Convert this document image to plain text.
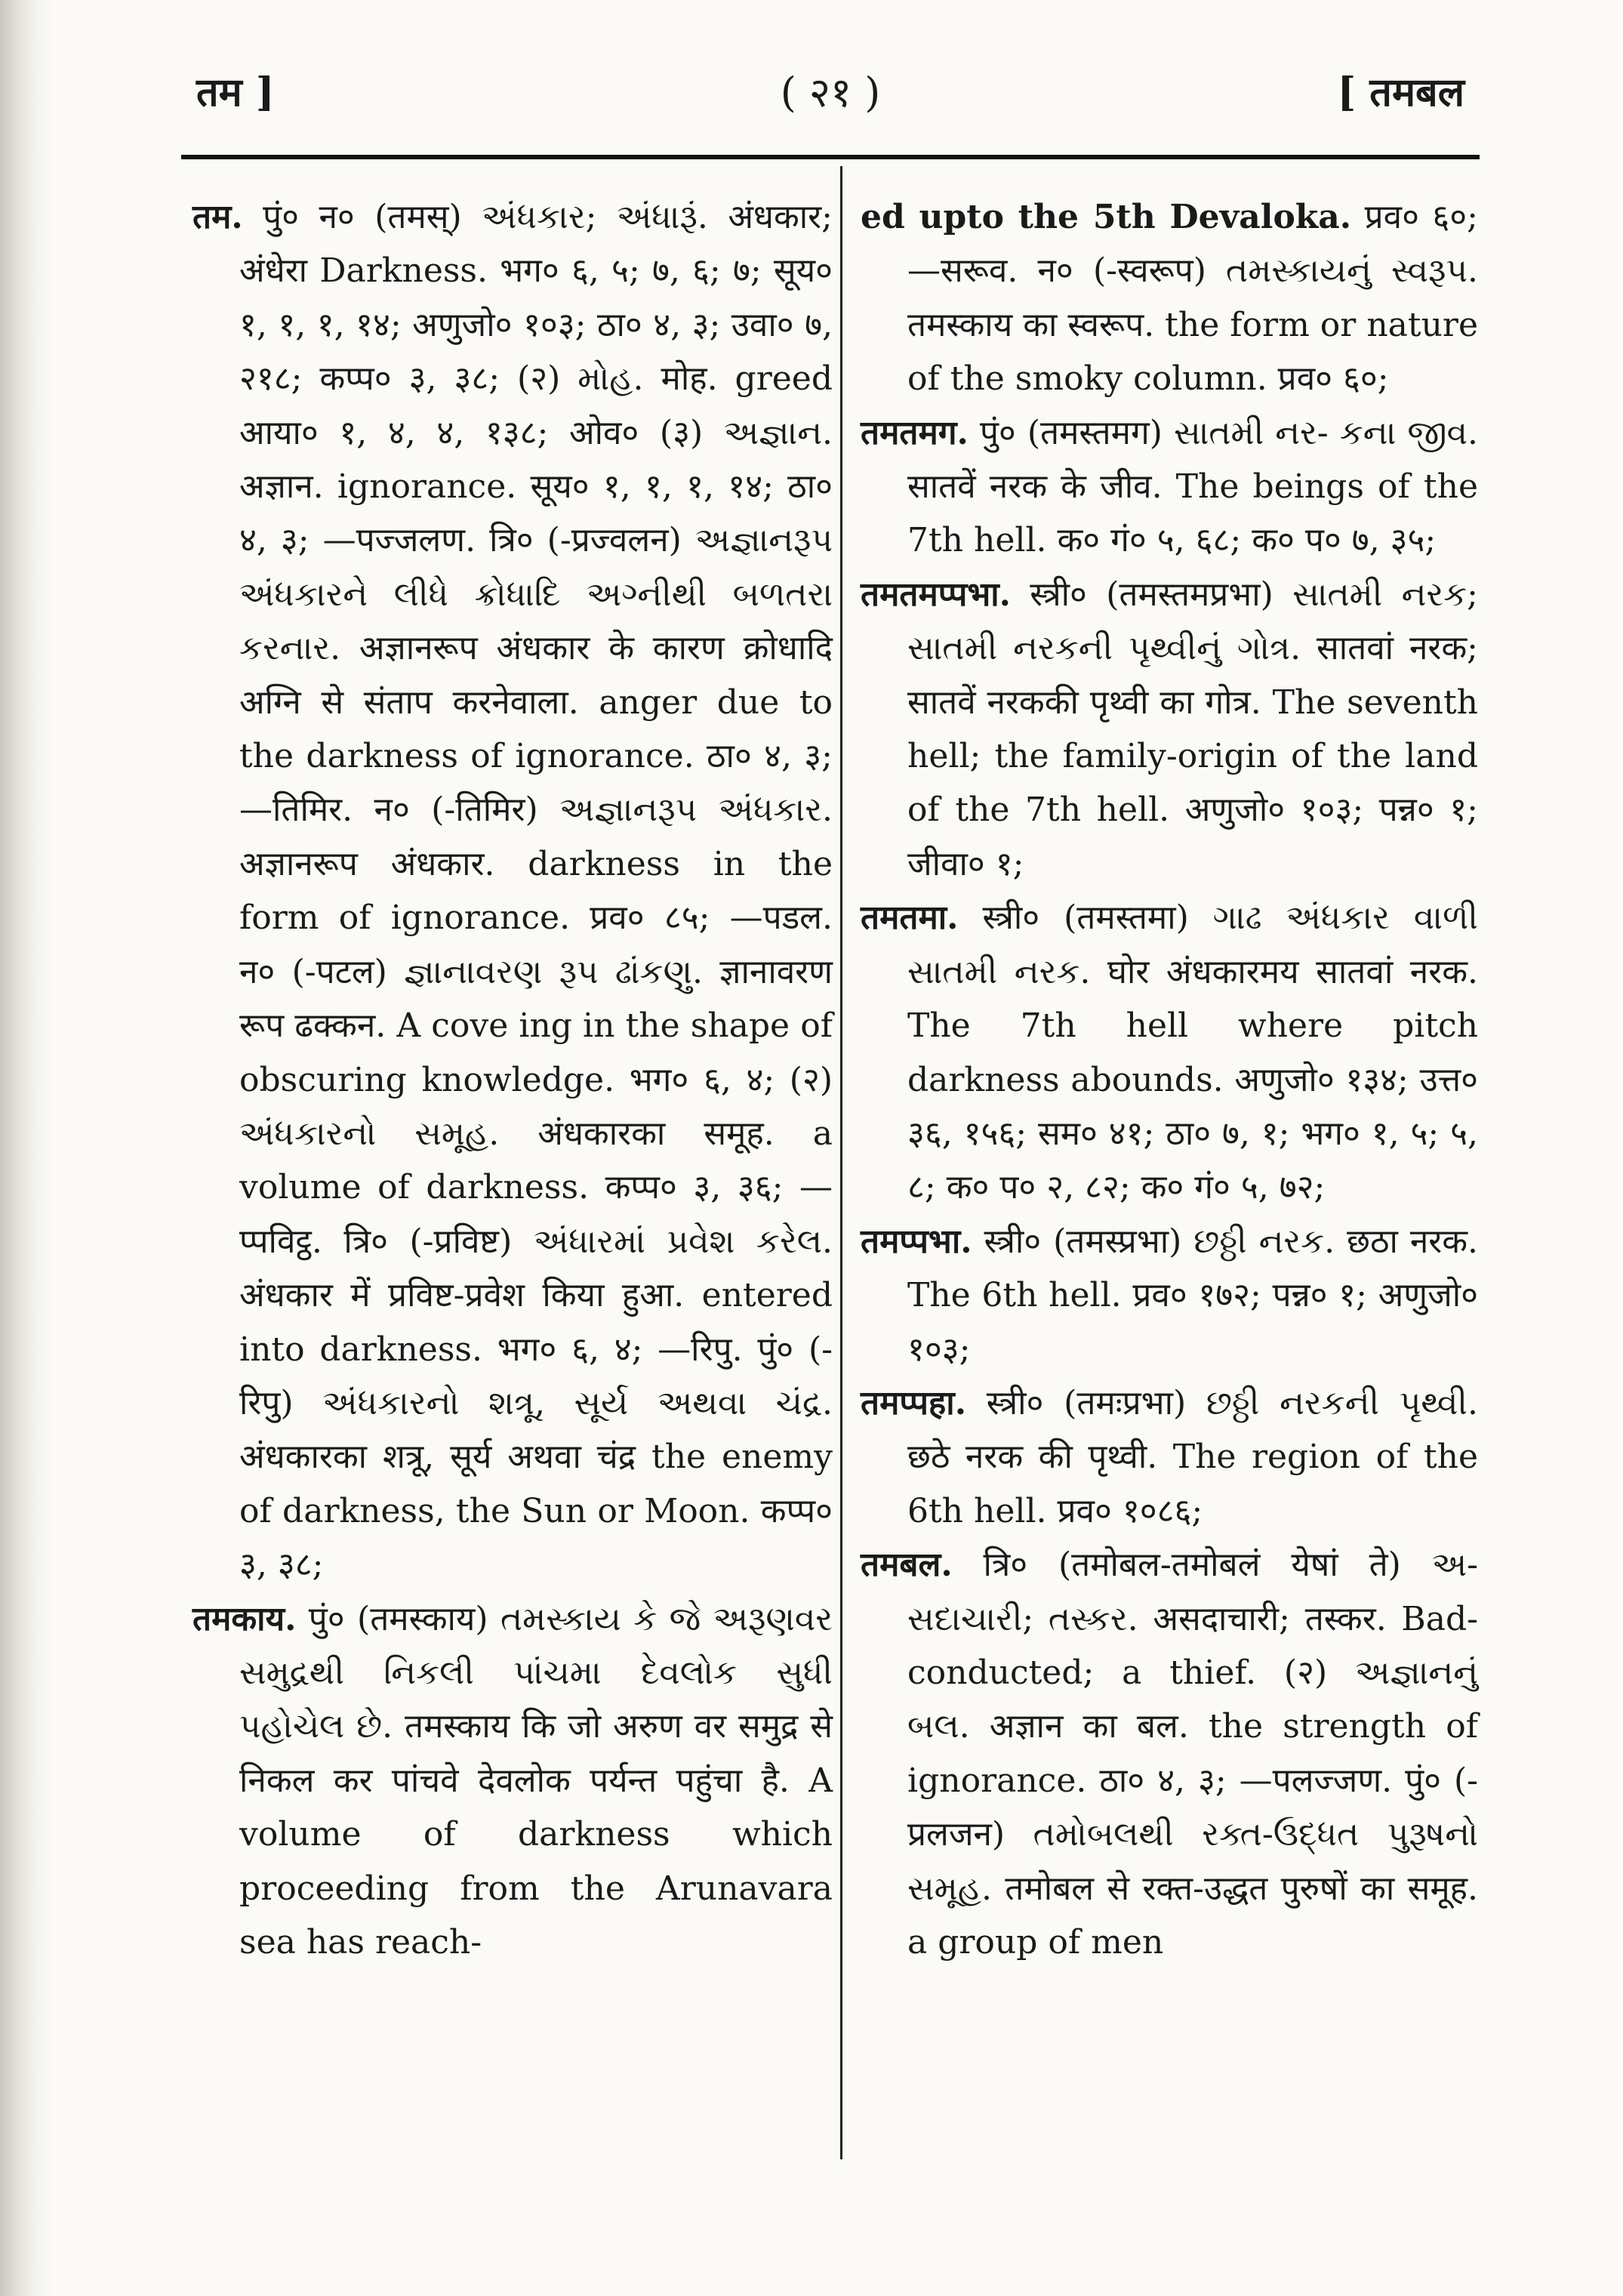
तम ]	( २१ )	[ तमबल

तम. पुं० न० (तमस्) અંધકાર; અંધારૂં. अंधकार; अंधेरा Darkness. भग० ६, ५; ७, ६; ७; सूय० १, १, १, १४; अणुजो० १०३; ठा० ४, ३; उवा० ७, २१८; कप्प० ३, ३८; (२) મોહ. मोह. greed आया० १, ४, ४, १३८; ओव० (३) અજ્ઞાન. अज्ञान. ignorance. सूय० १, १, १, १४; ठा० ४, ३; —पज्जलण. त्रि० (-प्रज्वलन) અજ્ઞાનરૂપ અંધકારને લીધે ક્રોધાદિ અગ્નીથી બળતરા કરનાર. अज्ञानरूप अंधकार के कारण क्रोधादि अग्नि से संताप करनेवाला. anger due to the darkness of ignorance. ठा० ४, ३; —तिमिर. न० (-तिमिर) અજ્ઞાનરૂપ અંધકાર. अज्ञानरूप अंधकार. darkness in the form of ignorance. प्रव० ८५; —पडल. न० (-पटल) જ્ઞાનાવરણ રૂપ ઢાંકણુ. ज्ञानावरण रूप ढक्कन. A cove ing in the shape of obscuring knowledge. भग० ६, ४; (२) અંધકારનો સમૂહ. अंधकारका समूह. a volume of darkness. कप्प० ३, ३६; —प्पविट्ठ. त्रि० (-प्रविष्ट) અંધારમાં પ્રવેશ કરેલ. अंधकार में प्रविष्ट-प्रवेश किया हुआ. entered into darkness. भग० ६, ४; —रिपु. पुं० (-रिपु) અંધકારનો શત્રૂ, સૂર્ય અથવા ચંદ્ર. अंधकारका शत्रू, सूर्य अथवा चंद्र the enemy of darkness, the Sun or Moon. कप्प० ३, ३८;

तमकाय. पुं० (तमस्काय) તમસ્કાય કે જે અરૂણવર સમુદ્રથી નિકલી પાંચમા દેવલોક સુધી પહોચેલ છે. तमस्काय कि जो अरुण वर समुद्र से निकल कर पांचवे देवलोक पर्यन्त पहुंचा है. A volume of darkness which proceeding from the Arunavara sea has reach-

ed upto the 5th Devaloka. प्रव० ६०; —सरूव. न० (-स्वरूप) તમસ્કાયનું સ્વરૂપ. तमस्काय का स्वरूप. the form or nature of the smoky column. प्रव० ६०;

तमतमग. पुं० (तमस्तमग) સાતમી નર- કના જીવ. सातवें नरक के जीव. The beings of the 7th hell. क० गं० ५, ६८; क० प० ७, ३५;

तमतमप्पभा. स्त्री० (तमस्तमप्रभा) સાતમી નરક; સાતમી નરકની પૃથ્વીનું ગોત્ર. सातवां नरक; सातवें नरककी पृथ्वी का गोत्र. The seventh hell; the family-origin of the land of the 7th hell. अणुजो० १०३; पन्न० १; जीवा० १;

तमतमा. स्त्री० (तमस्तमा) ગાઢ અંધકાર વાળી સાતમી નરક. घोर अंधकारमय सातवां नरक. The 7th hell where pitch darkness abounds. अणुजो० १३४; उत्त० ३६, १५६; सम० ४१; ठा० ७, १; भग० १, ५; ५, ८; क० प० २, ८२; क० गं० ५, ७२;

तमप्पभा. स्त्री० (तमस्प्रभा) છઠ્ઠી નરક. छठा नरक. The 6th hell. प्रव० १७२; पन्न० १; अणुजो० १०३;

तमप्पहा. स्त्री० (तमःप्रभा) છઠ્ઠી નરકની પૃથ્વી. छठे नरक की पृथ्वी. The region of the 6th hell. प्रव० १०८६;

तमबल. त्रि० (तमोबल-तमोबलं येषां ते) અ- સદાચારી; તસ્કર. असदाचारी; तस्कर. Bad-conducted; a thief. (२) અજ્ઞાનનું બલ. अज्ञान का बल. the strength of ignorance. ठा० ४, ३; —पलज्जण. पुं० (-प्रलजन) તમોબલથી રક્ત-ઉદ્ધત પુરૂષનો સમૂહ. तमोबल से रक्त-उद्धत पुरुषों का समूह. a group of men
